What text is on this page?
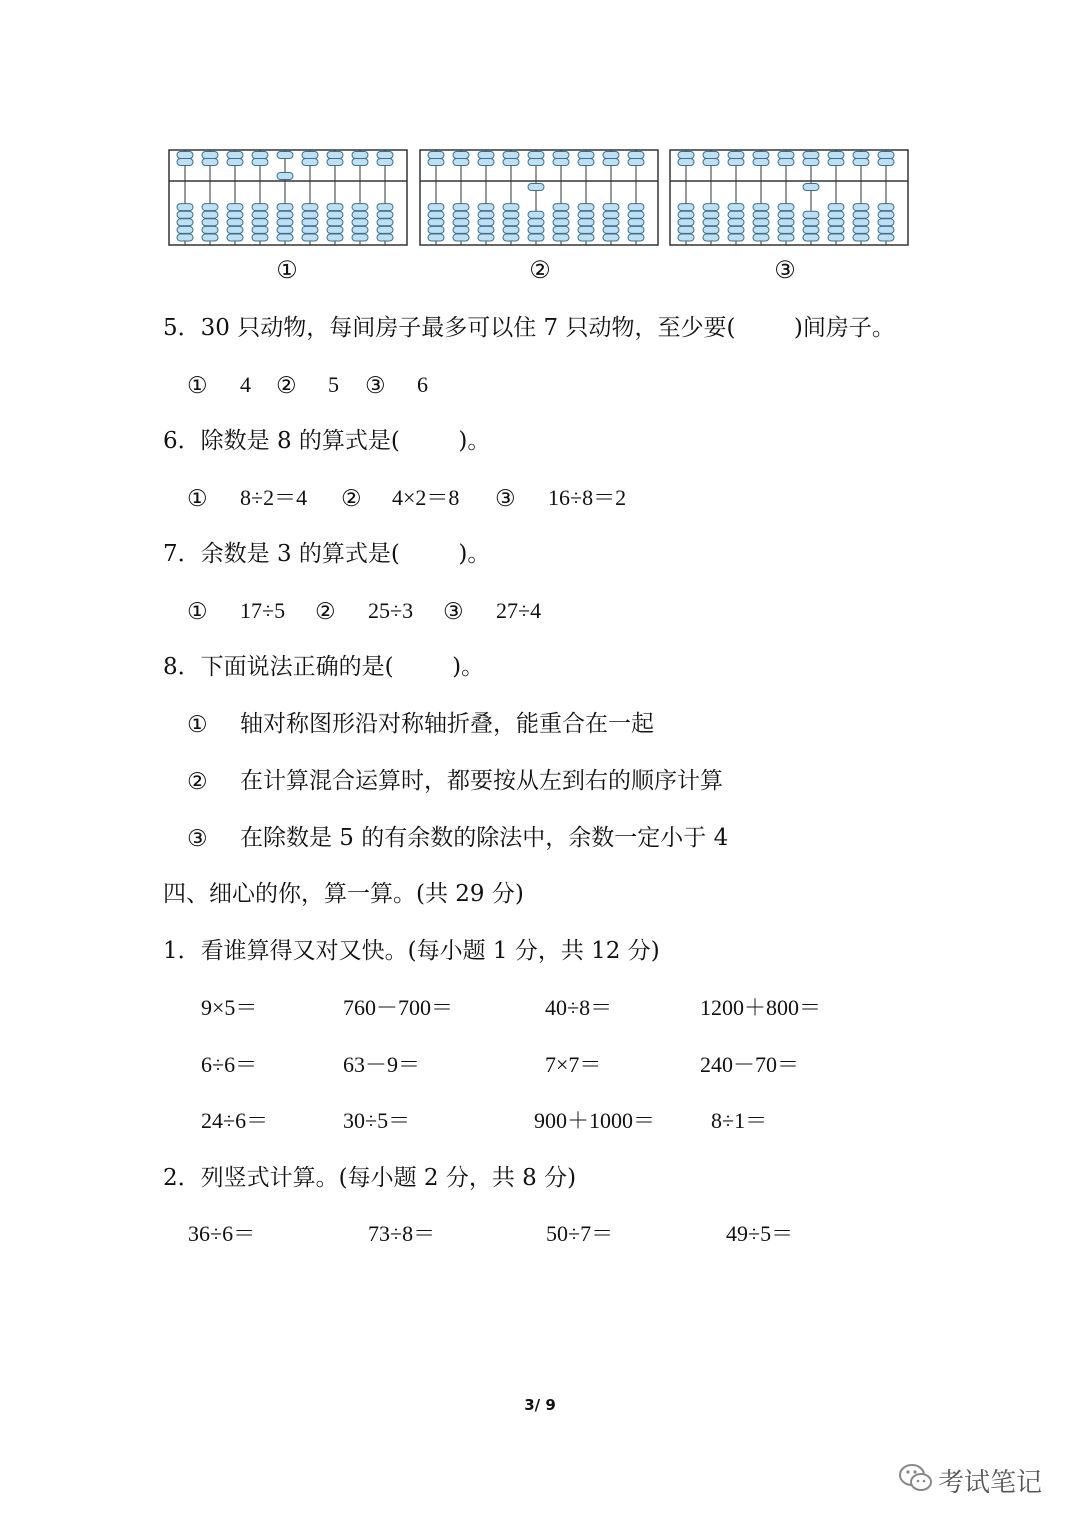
①	②	③
5．30 只动物，每间房子最多可以住 7 只动物，至少要(        )间房子。
① 4 ② 5 ③ 6
6．除数是 8 的算式是(        )。
① 8÷2＝4 ② 4×2＝8 ③ 16÷8＝2
7．余数是 3 的算式是(        )。
① 17÷5 ② 25÷3 ③ 27÷4
8．下面说法正确的是(        )。
① 轴对称图形沿对称轴折叠，能重合在一起
② 在计算混合运算时，都要按从左到右的顺序计算
③ 在除数是 5 的有余数的除法中，余数一定小于 4
四、细心的你，算一算。(共 29 分)
1．看谁算得又对又快。(每小题 1 分，共 12 分)
9×5＝	760－700＝	40÷8＝	1200＋800＝
6÷6＝	63－9＝	7×7＝	240－70＝
24÷6＝	30÷5＝	900＋1000＝	8÷1＝
2．列竖式计算。(每小题 2 分，共 8 分)
36÷6＝	73÷8＝	50÷7＝	49÷5＝
3/ 9
考试笔记
